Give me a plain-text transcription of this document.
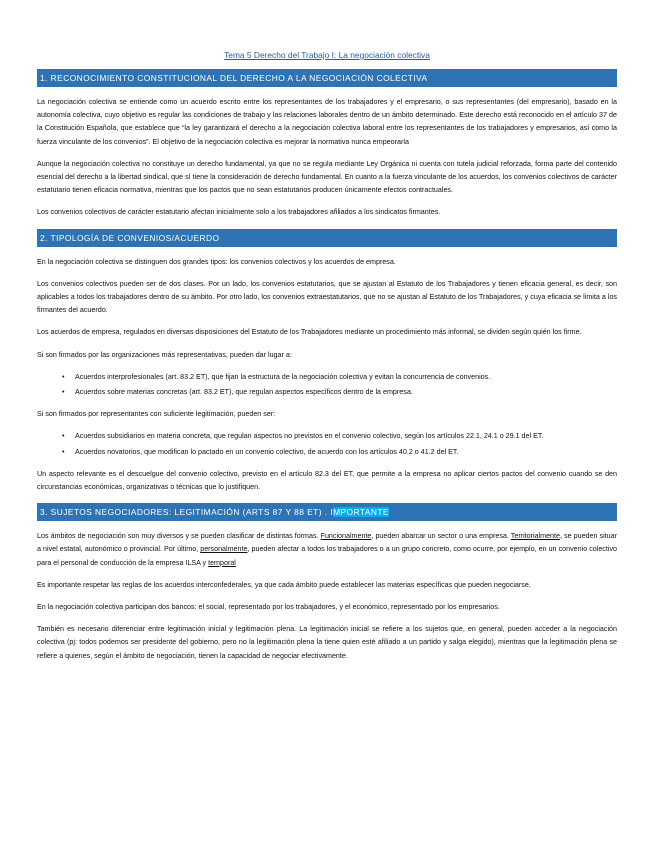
Tema 5 Derecho del Trabajo I: La negociación colectiva
1. RECONOCIMIENTO CONSTITUCIONAL DEL DERECHO A LA NEGOCIACIÓN COLECTIVA

La negociación colectiva se entiende como un acuerdo escrito entre los representantes de los trabajadores y el empresario, o sus representantes (del empresario), basado en la autonomía colectiva, cuyo objetivo es regular las condiciones de trabajo y las relaciones laborales dentro de un ámbito determinado. Este derecho está reconocido en el artículo 37 de la Constitución Española, que establece que “la ley garantizará el derecho a la negociación colectiva laboral entre los representantes de los trabajadores y empresarios, así como la fuerza vinculante de los convenios”. El objetivo de la negociación colectiva es mejorar la normativa nunca empeorarla

Aunque la negociación colectiva no constituye un derecho fundamental, ya que no se regula mediante Ley Orgánica ni cuenta con tutela judicial reforzada, forma parte del contenido esencial del derecho a la libertad sindical, que sí tiene la consideración de derecho fundamental. En cuanto a la fuerza vinculante de los acuerdos, los convenios colectivos de carácter estatutario tienen eficacia normativa, mientras que los pactos que no sean estatutarios producen únicamente efectos contractuales.

Los convenios colectivos de carácter estatutario afectan inicialmente solo a los trabajadores afiliados a los sindicatos firmantes.

2. TIPOLOGÍA DE CONVENIOS/ACUERDO

En la negociación colectiva se distinguen dos grandes tipos: los convenios colectivos y los acuerdos de empresa.

Los convenios colectivos pueden ser de dos clases. Por un lado, los convenios estatutarios, que se ajustan al Estatuto de los Trabajadores y tienen eficacia general, es decir, son aplicables a todos los trabajadores dentro de su ámbito. Por otro lado, los convenios extraestatutarios, que no se ajustan al Estatuto de los Trabajadores, y cuya eficacia se limita a los firmantes del acuerdo.

Los acuerdos de empresa, regulados en diversas disposiciones del Estatuto de los Trabajadores mediante un procedimiento más informal, se dividen según quién los firme.

Si son firmados por las organizaciones más representativas, pueden dar lugar a:

• Acuerdos interprofesionales (art. 83.2 ET), que fijan la estructura de la negociación colectiva y evitan la concurrencia de convenios.
• Acuerdos sobre materias concretas (art. 83.2 ET), que regulan aspectos específicos dentro de la empresa.

Si son firmados por representantes con suficiente legitimación, pueden ser:

• Acuerdos subsidiarios en materia concreta, que regulan aspectos no previstos en el convenio colectivo, según los artículos 22.1, 24.1 o 29.1 del ET.
• Acuerdos novatorios, que modifican lo pactado en un convenio colectivo, de acuerdo con los artículos 40.2 o 41.2 del ET.

Un aspecto relevante es el descuelgue del convenio colectivo, previsto en el artículo 82.3 del ET, que permite a la empresa no aplicar ciertos pactos del convenio cuando se den circunstancias económicas, organizativas o técnicas que lo justifiquen.

3. SUJETOS NEGOCIADORES: LEGITIMACIÓN (ARTS 87 Y 88 ET) . IMPORTANTE

Los ámbitos de negociación son muy diversos y se pueden clasificar de distintas formas. Funcionalmente, pueden abarcar un sector o una empresa. Territorialmente, se pueden situar a nivel estatal, autonómico o provincial. Por último, personalmente, pueden afectar a todos los trabajadores o a un grupo concreto, como ocurre, por ejemplo, en un convenio colectivo para el personal de conducción de la empresa ILSA y temporal

Es importante respetar las reglas de los acuerdos interconfederales, ya que cada ámbito puede establecer las materias específicas que pueden negociarse.

En la negociación colectiva participan dos bancos: el social, representado por los trabajadores, y el económico, representado por los empresarios.

También es necesario diferenciar entre legitimación inicial y legitimación plena. La legitimación inicial se refiere a los sujetos que, en general, pueden acceder a la negociación colectiva (pj: todos podemos ser presidente del gobierno, pero no la legitimación plena la tiene quien esté afiliado a un partido y salga elegido), mientras que la legitimación plena se refiere a quienes, según el ámbito de negociación, tienen la capacidad de negociar efectivamente.
